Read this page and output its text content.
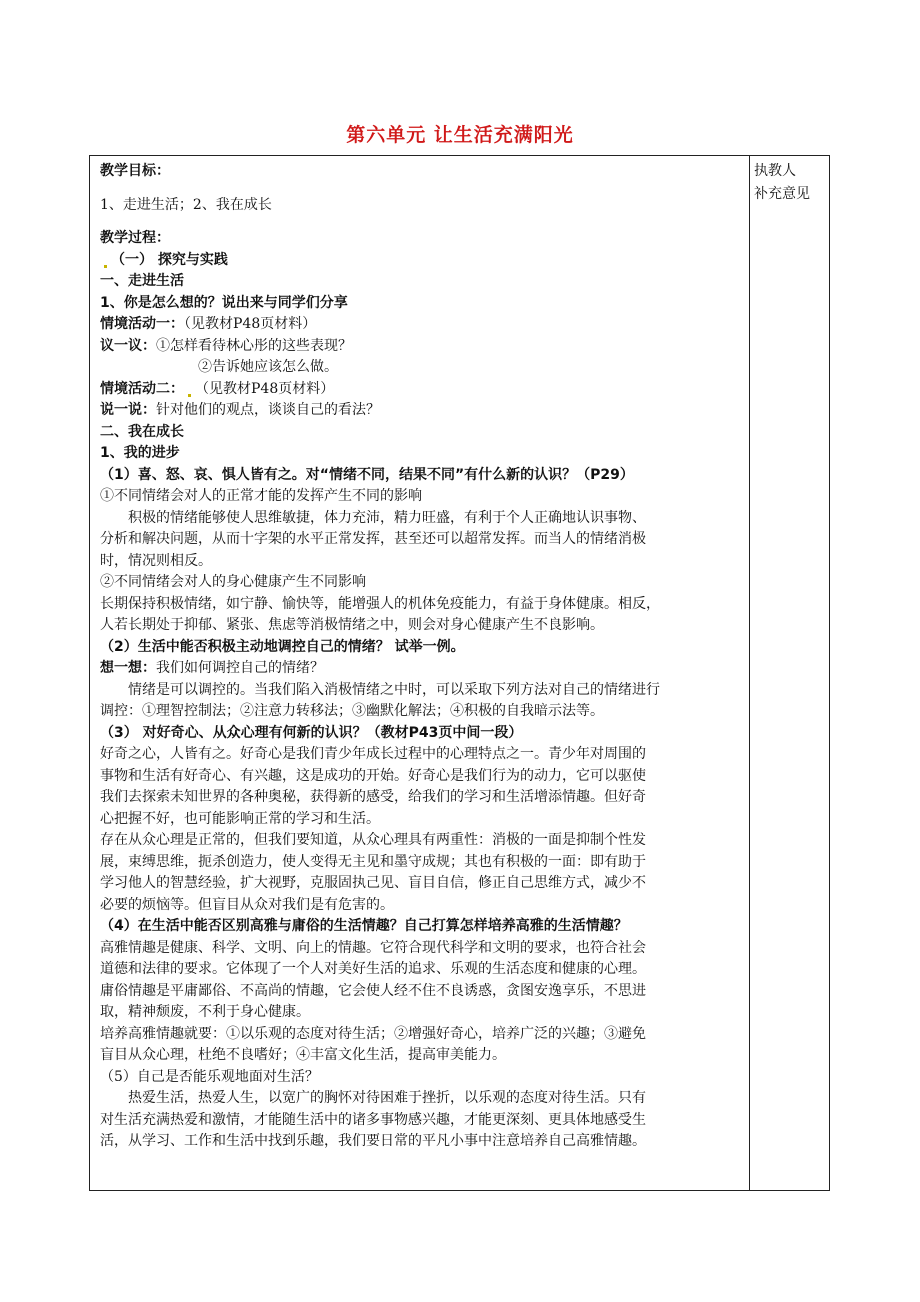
第六单元 让生活充满阳光
执教人
补充意见
教学目标：
1、走进生活；2、我在成长
教学过程：
（一） 探究与实践
一、走进生活
1、你是怎么想的？说出来与同学们分享
情境活动一：（见教材P48页材料）
议一议：①怎样看待林心彤的这些表现？
②告诉她应该怎么做。
情境活动二： （见教材P48页材料）
说一说：针对他们的观点，谈谈自己的看法？
二、我在成长
1、我的进步
（1）喜、怒、哀、惧人皆有之。对“情绪不同，结果不同”有什么新的认识？（P29）
①不同情绪会对人的正常才能的发挥产生不同的影响
积极的情绪能够使人思维敏捷，体力充沛，精力旺盛，有利于个人正确地认识事物、
分析和解决问题，从而十字架的水平正常发挥，甚至还可以超常发挥。而当人的情绪消极
时，情况则相反。
②不同情绪会对人的身心健康产生不同影响
长期保持积极情绪，如宁静、愉快等，能增强人的机体免疫能力，有益于身体健康。相反，
人若长期处于抑郁、紧张、焦虑等消极情绪之中，则会对身心健康产生不良影响。
（2）生活中能否积极主动地调控自己的情绪？ 试举一例。
想一想：我们如何调控自己的情绪？
情绪是可以调控的。当我们陷入消极情绪之中时，可以采取下列方法对自己的情绪进行
调控：①理智控制法；②注意力转移法；③幽默化解法；④积极的自我暗示法等。
（3） 对好奇心、从众心理有何新的认识？（教材P43页中间一段）
好奇之心，人皆有之。好奇心是我们青少年成长过程中的心理特点之一。青少年对周围的
事物和生活有好奇心、有兴趣，这是成功的开始。好奇心是我们行为的动力，它可以驱使
我们去探索未知世界的各种奥秘，获得新的感受，给我们的学习和生活增添情趣。但好奇
心把握不好，也可能影响正常的学习和生活。
存在从众心理是正常的，但我们要知道，从众心理具有两重性：消极的一面是抑制个性发
展，束缚思维，扼杀创造力，使人变得无主见和墨守成规；其也有积极的一面：即有助于
学习他人的智慧经验，扩大视野，克服固执己见、盲目自信，修正自己思维方式，减少不
必要的烦恼等。但盲目从众对我们是有危害的。
（4）在生活中能否区别高雅与庸俗的生活情趣？自己打算怎样培养高雅的生活情趣？
高雅情趣是健康、科学、文明、向上的情趣。它符合现代科学和文明的要求，也符合社会
道德和法律的要求。它体现了一个人对美好生活的追求、乐观的生活态度和健康的心理。
庸俗情趣是平庸鄙俗、不高尚的情趣，它会使人经不住不良诱惑，贪图安逸享乐，不思进
取，精神颓废，不利于身心健康。
培养高雅情趣就要：①以乐观的态度对待生活；②增强好奇心，培养广泛的兴趣；③避免
盲目从众心理，杜绝不良嗜好；④丰富文化生活，提高审美能力。
（5）自己是否能乐观地面对生活？
热爱生活，热爱人生，以宽广的胸怀对待困难于挫折，以乐观的态度对待生活。只有
对生活充满热爱和激情，才能随生活中的诸多事物感兴趣，才能更深刻、更具体地感受生
活，从学习、工作和生活中找到乐趣，我们要日常的平凡小事中注意培养自己高雅情趣。
